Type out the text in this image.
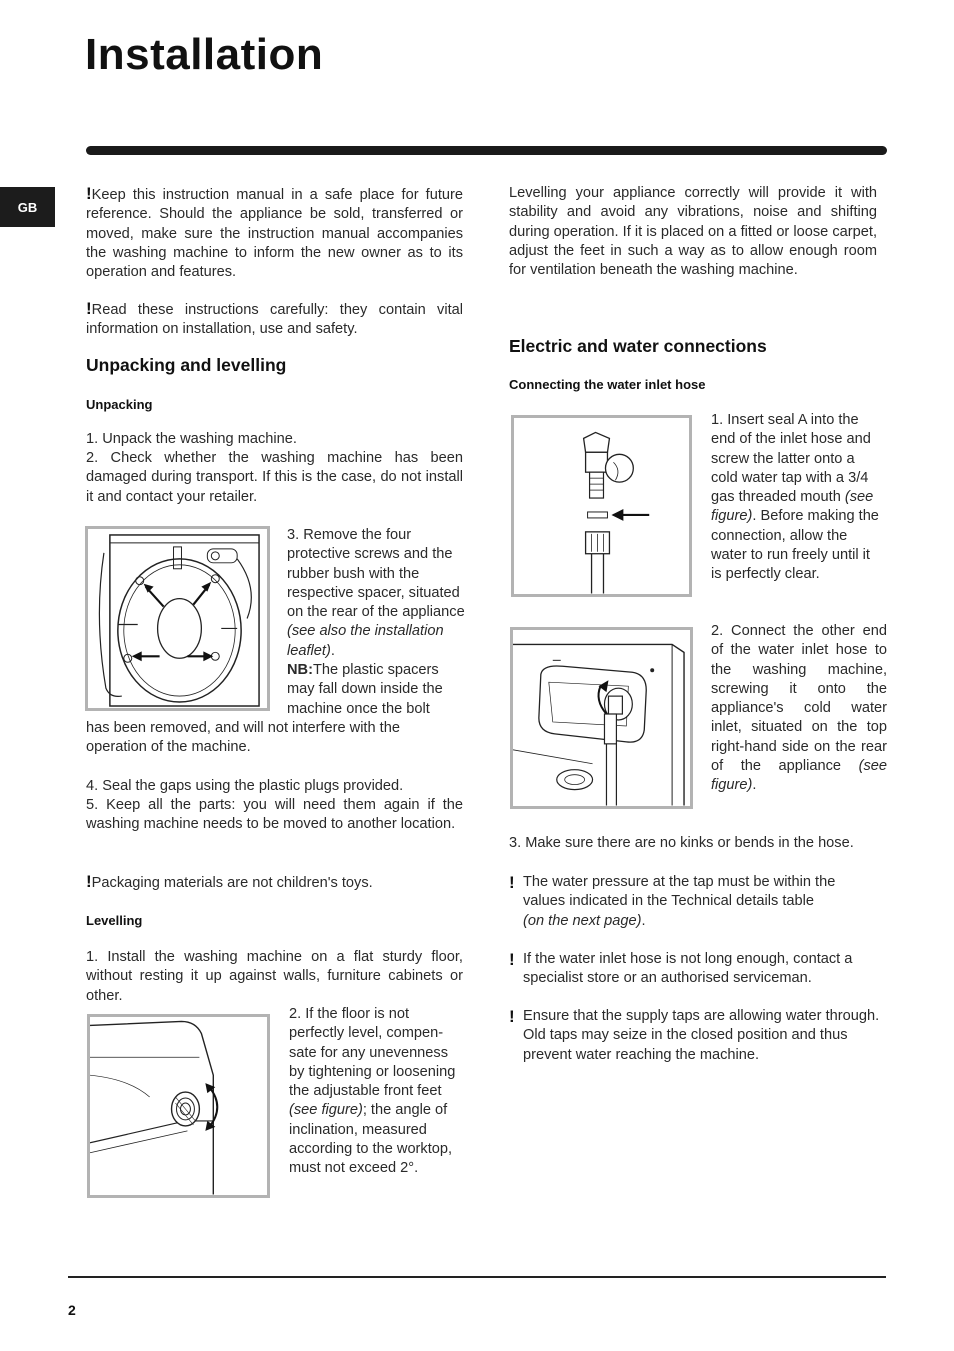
Installation
GB
!Keep this instruction manual in a safe place for future reference. Should the appliance be sold, transferred or moved, make sure the instruction manual accompanies the washing machine to inform the new owner as to its operation and features.
!Read these instructions carefully: they contain vital information on installation, use and safety.
Unpacking and levelling
Unpacking
1. Unpack the washing machine.
2. Check whether the washing machine has been damaged during transport. If this is the case, do not install it and contact your retailer.
3. Remove the four protective screws and the rubber bush with the respective spacer, situated on the rear of the appliance (see also the installation leaflet).
NB:The plastic spacers may fall down inside the machine once the bolt
has been removed, and will not interfere with the operation of the machine.
4. Seal the gaps using the plastic plugs provided.
5. Keep all the parts: you will need them again if the washing machine needs to be moved to another location.
!Packaging materials are not children's toys.
Levelling
1. Install the washing machine on a flat sturdy floor, without resting it up against walls, furniture cabinets or other.
2. If the floor is not perfectly level, compen-sate for any unevenness by tightening or loosening the adjustable front feet (see figure); the angle of inclination, measured according to the worktop, must not exceed 2°.
Levelling your appliance correctly will provide it with stability and avoid any vibrations, noise and shifting during operation. If it is placed on a fitted or loose carpet, adjust the feet in such a way as to allow enough room for ventilation beneath the washing machine.
Electric and water connections
Connecting the water inlet hose
1. Insert seal A into the end of the inlet hose and screw the latter onto a cold water tap with a 3/4 gas threaded mouth (see figure). Before making the connection, allow the water to run freely until it is perfectly clear.
2. Connect the other end of the water inlet hose to the washing machine, screwing it onto the appliance's cold water inlet, situated on the top right-hand side on the rear of the appliance (see figure).
3. Make sure there are no kinks or bends in the hose.
! The water pressure at the tap must be within the values indicated in the Technical details table
(on the next page).
! If the water inlet hose is not long enough, contact a specialist store or an authorised serviceman.
! Ensure that the supply taps are allowing water through. Old taps may seize in the closed position and thus prevent water reaching the machine.
2
